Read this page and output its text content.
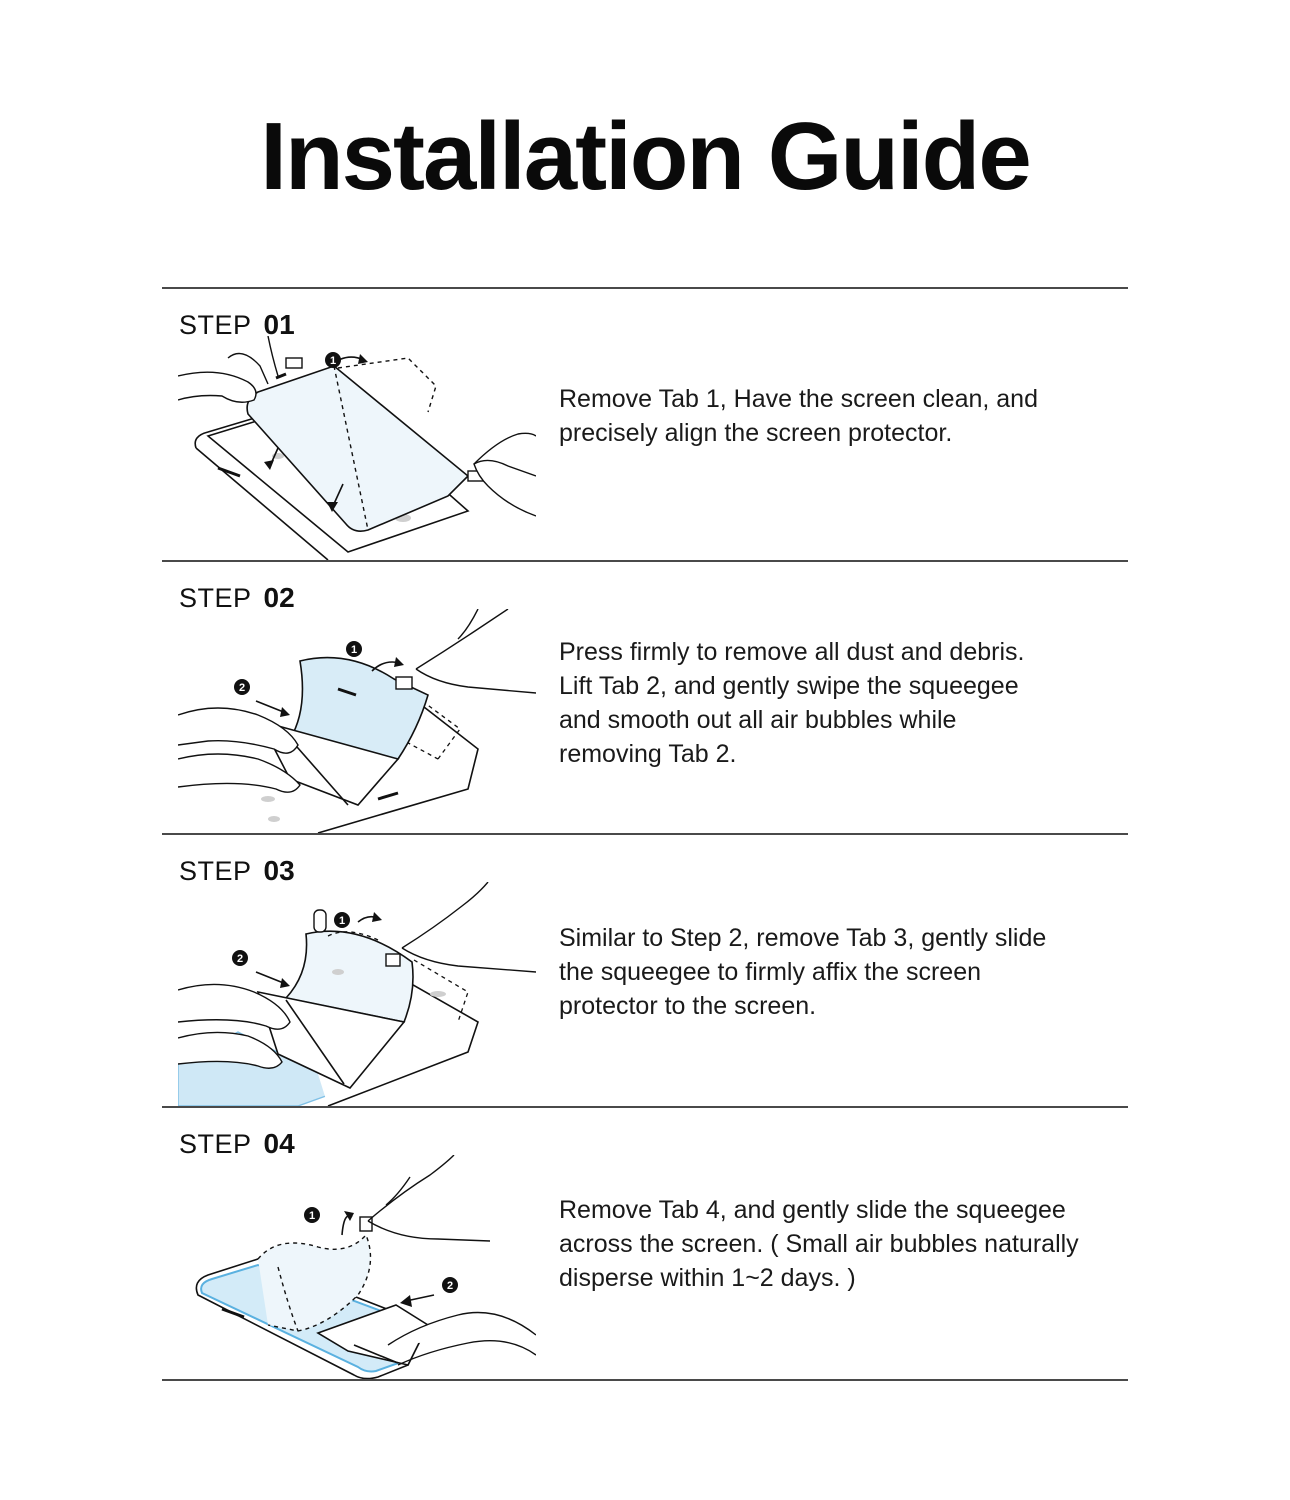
Installation Guide
STEP 01
1

Remove Tab 1, Have the screen clean, and

precisely align the screen protector.

STEP 02
1
2

Press firmly to remove all dust and debris.

Lift Tab 2, and gently swipe the squeegee

and smooth out all air bubbles while

removing Tab 2.

STEP 03
1
2

Similar to Step 2, remove Tab 3, gently slide

the squeegee to firmly affix the screen

protector to the screen.

STEP 04
1
2

Remove Tab 4, and gently slide the squeegee

across the screen. ( Small air bubbles naturally

disperse within 1~2 days. )
